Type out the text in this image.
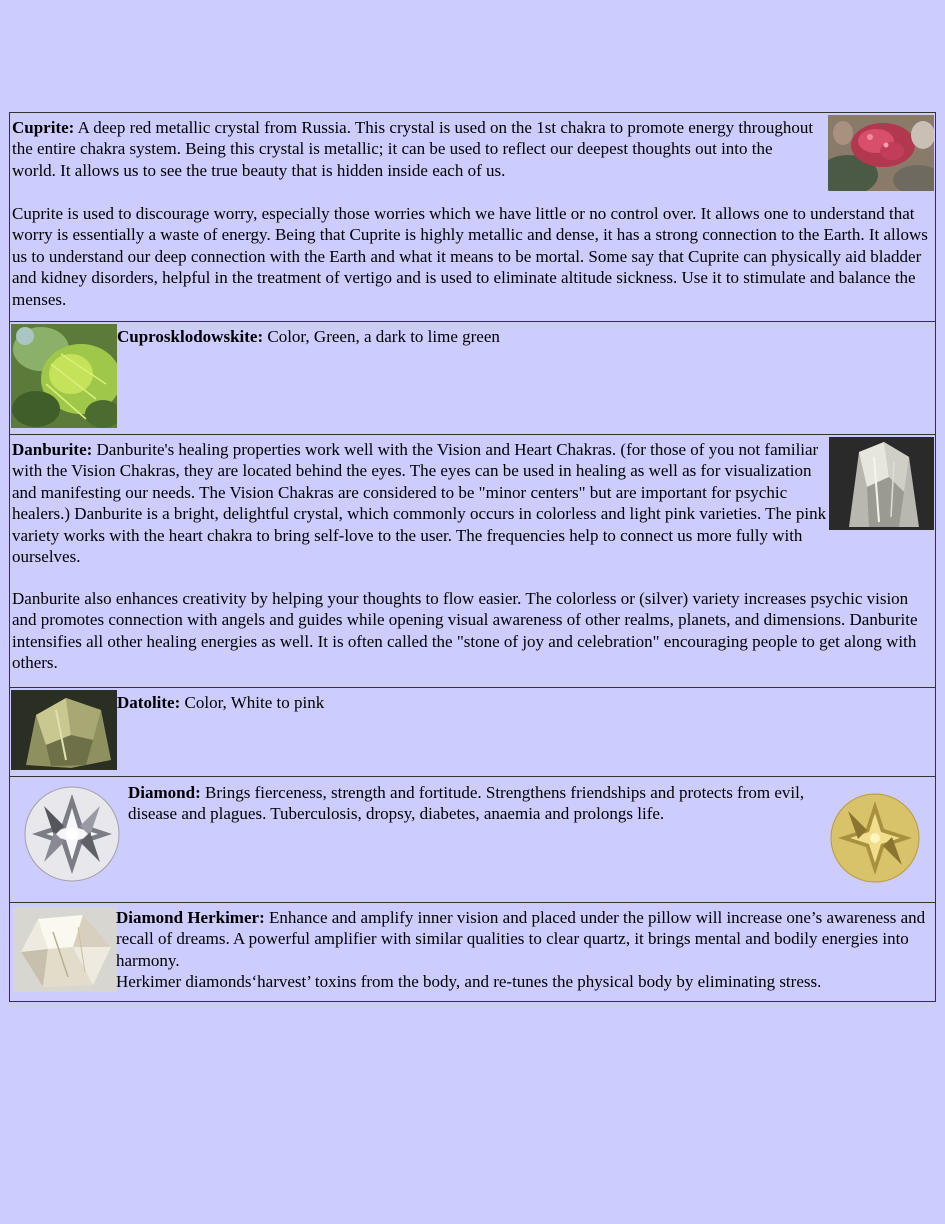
Cuprite: A deep red metallic crystal from Russia. This crystal is used on the 1st chakra to promote energy throughout the entire chakra system. Being this crystal is metallic; it can be used to reflect our deepest thoughts out into the world. It allows us to see the true beauty that is hidden inside each of us.

Cuprite is used to discourage worry, especially those worries which we have little or no control over. It allows one to understand that worry is essentially a waste of energy. Being that Cuprite is highly metallic and dense, it has a strong connection to the Earth. It allows us to understand our deep connection with the Earth and what it means to be mortal. Some say that Cuprite can physically aid bladder and kidney disorders, helpful in the treatment of vertigo and is used to eliminate altitude sickness. Use it to stimulate and balance the menses.

Cuprosklodowskite: Color, Green, a dark to lime green

Danburite: Danburite's healing properties work well with the Vision and Heart Chakras. (for those of you not familiar with the Vision Chakras, they are located behind the eyes. The eyes can be used in healing as well as for visualization and manifesting our needs. The Vision Chakras are considered to be "minor centers" but are important for psychic healers.) Danburite is a bright, delightful crystal, which commonly occurs in colorless and light pink varieties. The pink variety works with the heart chakra to bring self-love to the user. The frequencies help to connect us more fully with ourselves.

Danburite also enhances creativity by helping your thoughts to flow easier. The colorless or (silver) variety increases psychic vision and promotes connection with angels and guides while opening visual awareness of other realms, planets, and dimensions. Danburite intensifies all other healing energies as well. It is often called the "stone of joy and celebration" encouraging people to get along with others.

Datolite: Color, White to pink

Diamond: Brings fierceness, strength and fortitude. Strengthens friendships and protects from evil, disease and plagues. Tuberculosis, dropsy, diabetes, anaemia and prolongs life.

Diamond Herkimer: Enhance and amplify inner vision and placed under the pillow will increase one’s awareness and recall of dreams. A powerful amplifier with similar qualities to clear quartz, it brings mental and bodily energies into harmony.
Herkimer diamonds‘harvest’ toxins from the body, and re-tunes the physical body by eliminating stress.
